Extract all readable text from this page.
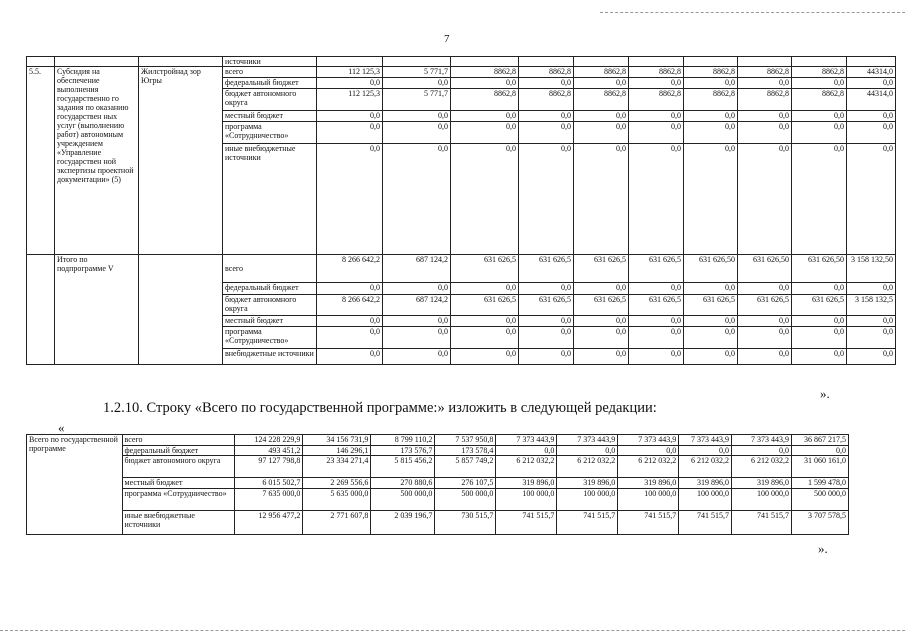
7
			источники										
5.5.	Субсидия на обеспечение выполнения государственно го задания по оказанию государствен ных услуг (выполнению работ) автономным учреждением «Управление государствен ной экспертизы проектной документации» (5)	Жилстройнад зор Югры	всего	112 125,3	5 771,7	8862,8	8862,8	8862,8	8862,8	8862,8	8862,8	8862,8	44314,0
			федеральный бюджет	0,0	0,0	0,0	0,0	0,0	0,0	0,0	0,0	0,0	0,0
			бюджет автономного округа	112 125,3	5 771,7	8862,8	8862,8	8862,8	8862,8	8862,8	8862,8	8862,8	44314,0
			местный бюджет	0,0	0,0	0,0	0,0	0,0	0,0	0,0	0,0	0,0	0,0
			программа «Сотрудничество»	0,0	0,0	0,0	0,0	0,0	0,0	0,0	0,0	0,0	0,0
			иные внебюджетные источники	0,0	0,0	0,0	0,0	0,0	0,0	0,0	0,0	0,0	0,0
	Итого по подпрограмме V		всего	8 266 642,2	687 124,2	631 626,5	631 626,5	631 626,5	631 626,5	631 626,50	631 626,50	631 626,50	3 158 132,50
			федеральный бюджет	0,0	0,0	0,0	0,0	0,0	0,0	0,0	0,0	0,0	0,0
			бюджет автономного округа	8 266 642,2	687 124,2	631 626,5	631 626,5	631 626,5	631 626,5	631 626,5	631 626,5	631 626,5	3 158 132,5
			местный бюджет	0,0	0,0	0,0	0,0	0,0	0,0	0,0	0,0	0,0	0,0
			программа «Сотрудничество»	0,0	0,0	0,0	0,0	0,0	0,0	0,0	0,0	0,0	0,0
			внебюджетные источники	0,0	0,0	0,0	0,0	0,0	0,0	0,0	0,0	0,0	0,0
».
1.2.10. Строку «Всего по государственной программе:» изложить в следующей редакции:
«
Всего по государственной программе	всего	124 228 229,9	34 156 731,9	8 799 110,2	7 537 950,8	7 373 443,9	7 373 443,9	7 373 443,9	7 373 443,9	7 373 443,9	36 867 217,5
	федеральный бюджет	493 451,2	146 296,1	173 576,7	173 578,4	0,0	0,0	0,0	0,0	0,0	0,0
	бюджет автономного округа	97 127 798,8	23 334 271,4	5 815 456,2	5 857 749,2	6 212 032,2	6 212 032,2	6 212 032,2	6 212 032,2	6 212 032,2	31 060 161,0
	местный бюджет	6 015 502,7	2 269 556,6	270 880,6	276 107,5	319 896,0	319 896,0	319 896,0	319 896,0	319 896,0	1 599 478,0
	программа «Сотрудничество»	7 635 000,0	5 635 000,0	500 000,0	500 000,0	100 000,0	100 000,0	100 000,0	100 000,0	100 000,0	500 000,0
	иные внебюджетные источники	12 956 477,2	2 771 607,8	2 039 196,7	730 515,7	741 515,7	741 515,7	741 515,7	741 515,7	741 515,7	3 707 578,5
».
